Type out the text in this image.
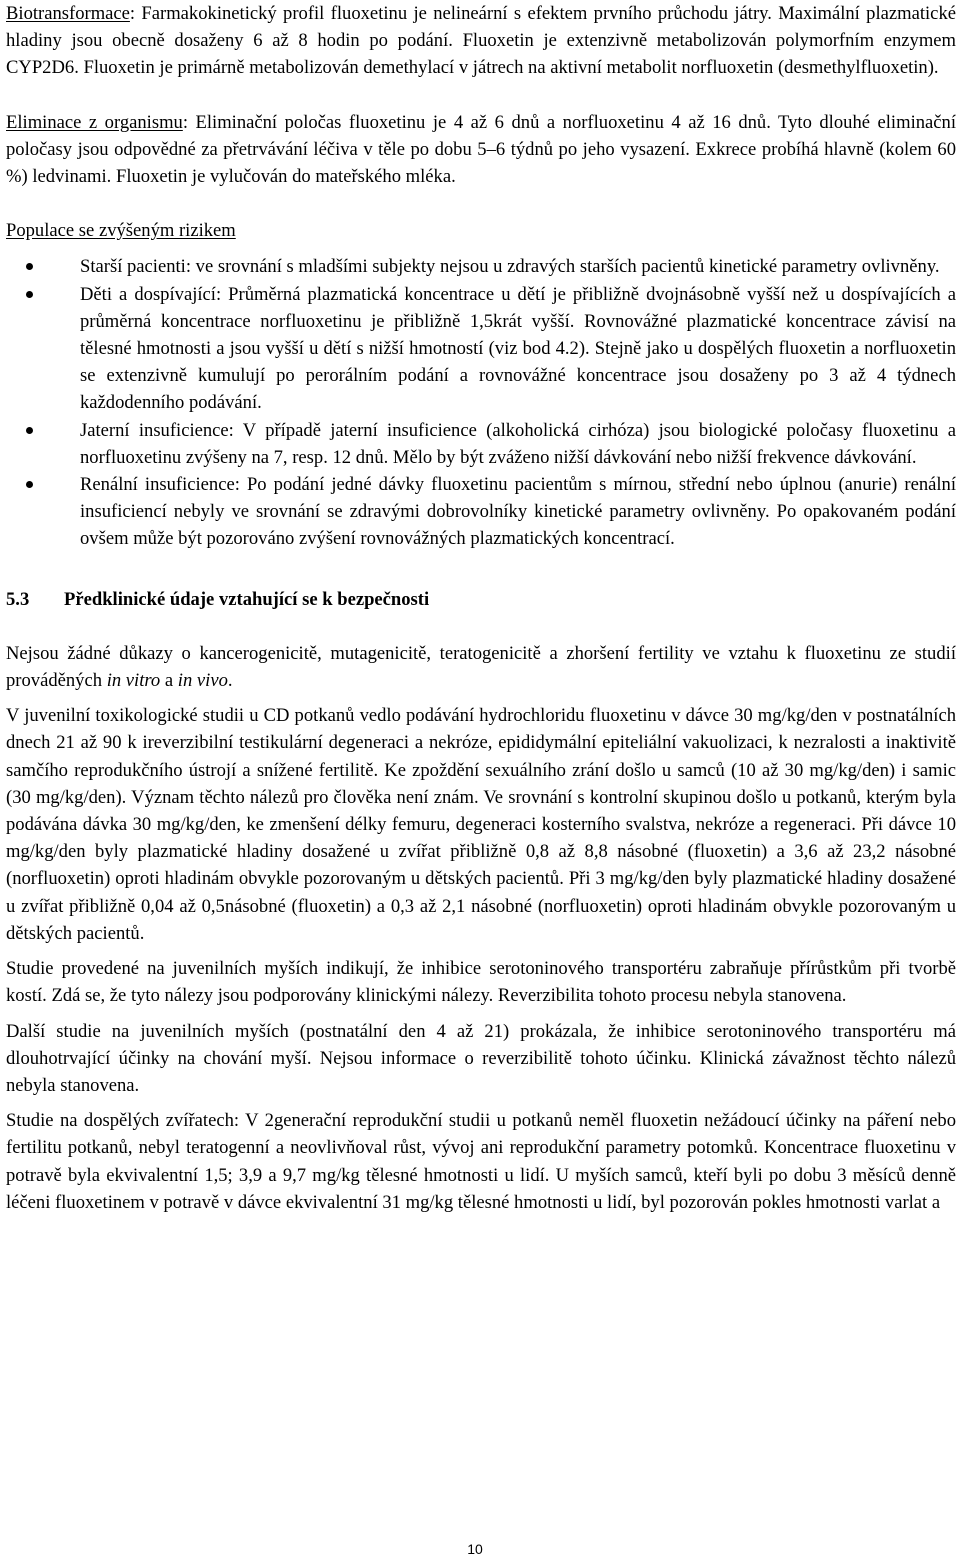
Biotransformace: Farmakokinetický profil fluoxetinu je nelineární s efektem prvního průchodu játry. Maximální plazmatické hladiny jsou obecně dosaženy 6 až 8 hodin po podání. Fluoxetin je extenzivně metabolizován polymorfním enzymem CYP2D6. Fluoxetin je primárně metabolizován demethylací v játrech na aktivní metabolit norfluoxetin (desmethylfluoxetin).

Eliminace z organismu: Eliminační poločas fluoxetinu je 4 až 6 dnů a norfluoxetinu 4 až 16 dnů. Tyto dlouhé eliminační poločasy jsou odpovědné za přetrvávání léčiva v těle po dobu 5–6 týdnů po jeho vysazení. Exkrece probíhá hlavně (kolem 60 %) ledvinami. Fluoxetin je vylučován do mateřského mléka.

Populace se zvýšeným rizikem

Starší pacienti: ve srovnání s mladšími subjekty nejsou u zdravých starších pacientů kinetické parametry ovlivněny.
Děti a dospívající: Průměrná plazmatická koncentrace u dětí je přibližně dvojnásobně vyšší než u dospívajících a průměrná koncentrace norfluoxetinu je přibližně 1,5krát vyšší. Rovnovážné plazmatické koncentrace závisí na tělesné hmotnosti a jsou vyšší u dětí s nižší hmotností (viz bod 4.2). Stejně jako u dospělých fluoxetin a norfluoxetin se extenzivně kumulují po perorálním podání a rovnovážné koncentrace jsou dosaženy po 3 až 4 týdnech každodenního podávání.
Jaterní insuficience: V případě jaterní insuficience (alkoholická cirhóza) jsou biologické poločasy fluoxetinu a norfluoxetinu zvýšeny na 7, resp. 12 dnů. Mělo by být zváženo nižší dávkování nebo nižší frekvence dávkování.
Renální insuficience: Po podání jedné dávky fluoxetinu pacientům s mírnou, střední nebo úplnou (anurie) renální insuficiencí nebyly ve srovnání se zdravými dobrovolníky kinetické parametry ovlivněny. Po opakovaném podání ovšem může být pozorováno zvýšení rovnovážných plazmatických koncentrací.
5.3	Předklinické údaje vztahující se k bezpečnosti

Nejsou žádné důkazy o kancerogenicitě, mutagenicitě, teratogenicitě a zhoršení fertility ve vztahu k fluoxetinu ze studií prováděných in vitro a in vivo.

V juvenilní toxikologické studii u CD potkanů vedlo podávání hydrochloridu fluoxetinu v dávce 30 mg/kg/den v postnatálních dnech 21 až 90 k ireverzibilní testikulární degeneraci a nekróze, epididymální epiteliální vakuolizaci, k nezralosti a inaktivitě samčího reprodukčního ústrojí a snížené fertilitě. Ke zpoždění sexuálního zrání došlo u samců (10 až 30 mg/kg/den) i samic (30 mg/kg/den). Význam těchto nálezů pro člověka není znám. Ve srovnání s kontrolní skupinou došlo u potkanů, kterým byla podávána dávka 30 mg/kg/den, ke zmenšení délky femuru, degeneraci kosterního svalstva, nekróze a regeneraci. Při dávce 10 mg/kg/den byly plazmatické hladiny dosažené u zvířat přibližně 0,8 až 8,8 násobné (fluoxetin) a 3,6 až 23,2 násobné (norfluoxetin) oproti hladinám obvykle pozorovaným u dětských pacientů. Při 3 mg/kg/den byly plazmatické hladiny dosažené u zvířat přibližně 0,04 až 0,5násobné (fluoxetin) a 0,3 až 2,1 násobné (norfluoxetin) oproti hladinám obvykle pozorovaným u dětských pacientů.

Studie provedené na juvenilních myších indikují, že inhibice serotoninového transportéru zabraňuje přírůstkům při tvorbě kostí. Zdá se, že tyto nálezy jsou podporovány klinickými nálezy. Reverzibilita tohoto procesu nebyla stanovena.

Další studie na juvenilních myších (postnatální den 4 až 21) prokázala, že inhibice serotoninového transportéru má dlouhotrvající účinky na chování myší. Nejsou informace o reverzibilitě tohoto účinku. Klinická závažnost těchto nálezů nebyla stanovena.

Studie na dospělých zvířatech: V 2generační reprodukční studii u potkanů neměl fluoxetin nežádoucí účinky na páření nebo fertilitu potkanů, nebyl teratogenní a neovlivňoval růst, vývoj ani reprodukční parametry potomků. Koncentrace fluoxetinu v potravě byla ekvivalentní 1,5; 3,9 a 9,7 mg/kg tělesné hmotnosti u lidí. U myších samců, kteří byli po dobu 3 měsíců denně léčeni fluoxetinem v potravě v dávce ekvivalentní 31 mg/kg tělesné hmotnosti u lidí, byl pozorován pokles hmotnosti varlat a

10
